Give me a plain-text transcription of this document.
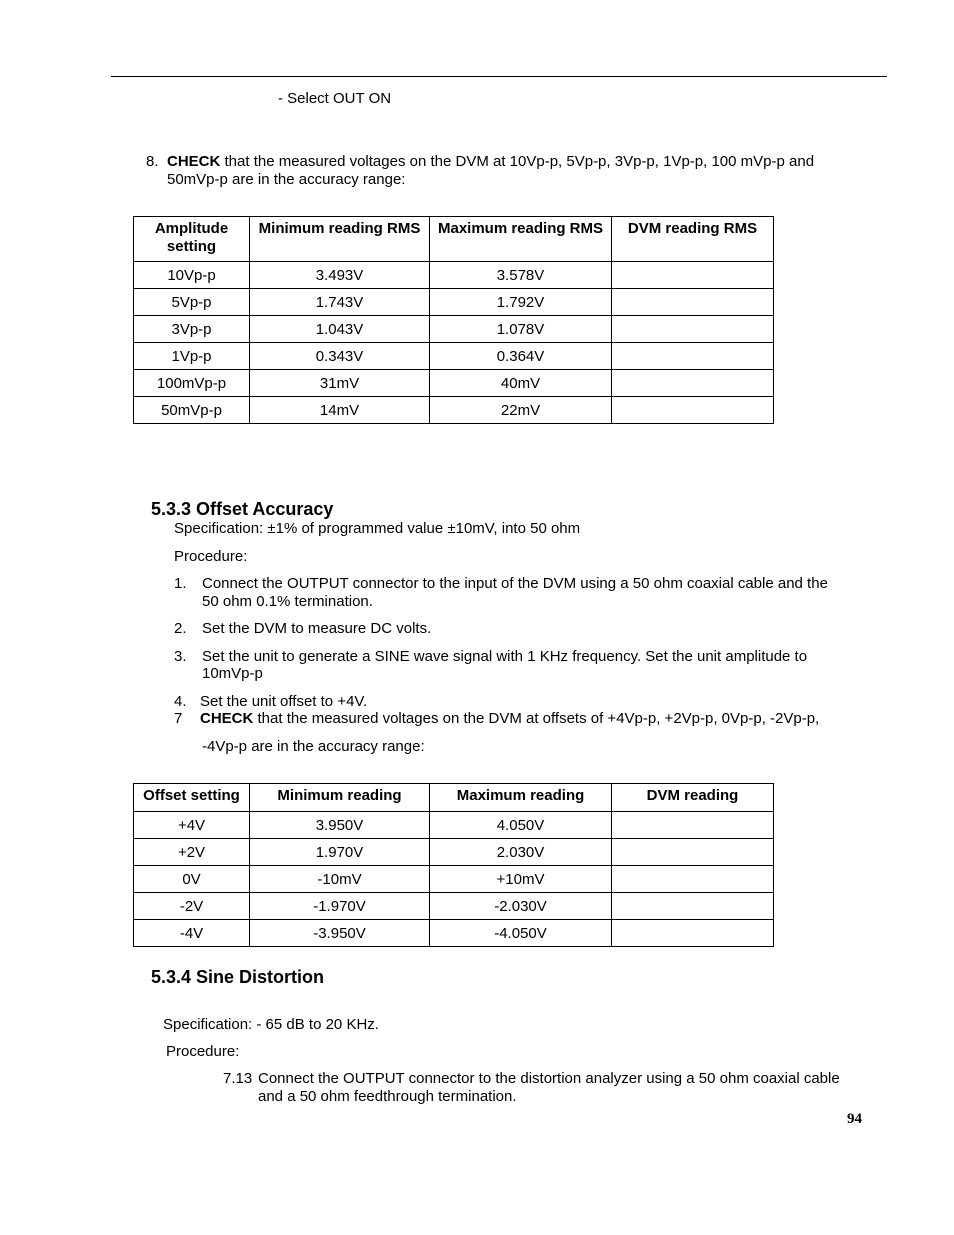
- Select OUT ON
8. CHECK that the measured voltages on the DVM at 10Vp-p, 5Vp-p, 3Vp-p, 1Vp-p, 100 mVp-p and
50mVp-p are in the accuracy range:
Amplitude setting	Minimum reading RMS	Maximum reading RMS	DVM reading RMS
10Vp-p	3.493V	3.578V	
5Vp-p	1.743V	1.792V	
3Vp-p	1.043V	1.078V	
1Vp-p	0.343V	0.364V	
100mVp-p	31mV	40mV	
50mVp-p	14mV	22mV	
5.3.3 Offset Accuracy
Specification: ±1% of programmed value ±10mV, into 50 ohm
Procedure:
1. Connect the OUTPUT connector to the input of the DVM using a 50 ohm coaxial cable and the
50 ohm 0.1% termination.
2. Set the DVM to measure DC volts.
3. Set the unit to generate a SINE wave signal with 1 KHz frequency. Set the unit amplitude to
10mVp-p
4. Set the unit offset to +4V.
7 CHECK that the measured voltages on the DVM at offsets of +4Vp-p, +2Vp-p, 0Vp-p, -2Vp-p,
-4Vp-p are in the accuracy range:
Offset setting	Minimum reading	Maximum reading	DVM reading
+4V	3.950V	4.050V	
+2V	1.970V	2.030V	
0V	-10mV	+10mV	
-2V	-1.970V	-2.030V	
-4V	-3.950V	-4.050V	
5.3.4 Sine Distortion
Specification: - 65 dB to 20 KHz.
Procedure:
7.13 Connect the OUTPUT connector to the distortion analyzer using a 50 ohm coaxial cable
and a 50 ohm feedthrough termination.
94
